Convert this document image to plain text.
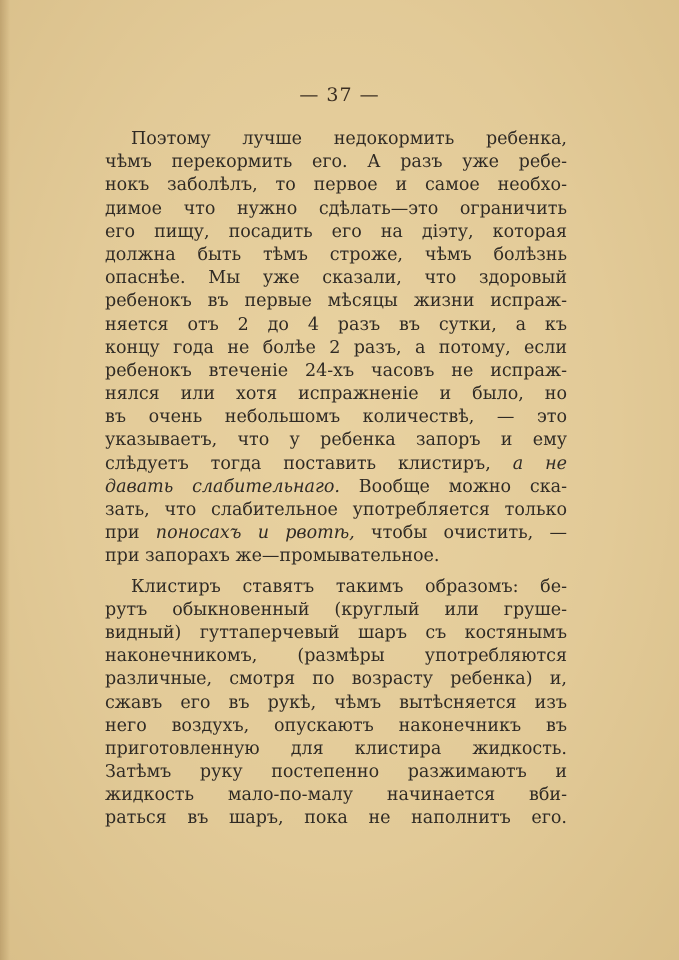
— 37 —
Поэтому лучше недокормить ребенка,
чѣмъ перекормить его. А разъ уже ребе-
нокъ заболѣлъ, то первое и самое необхо-
димое что нужно сдѣлать—это ограничить
его пищу, посадить его на діэту, которая
должна быть тѣмъ строже, чѣмъ болѣзнь
опаснѣе. Мы уже сказали, что здоровый
ребенокъ въ первые мѣсяцы жизни испраж-
няется отъ 2 до 4 разъ въ сутки, а къ
концу года не болѣе 2 разъ, а потому, если
ребенокъ втеченіе 24-хъ часовъ не испраж-
нялся или хотя испражненіе и было, но
въ очень небольшомъ количествѣ, — это
указываетъ, что у ребенка запоръ и ему
слѣдуетъ тогда поставить клистиръ, а не
давать слабительнаго. Вообще можно ска-
зать, что слабительное употребляется только
при поносахъ и рвотѣ, чтобы очистить, —
при запорахъ же—промывательное.
Клистиръ ставятъ такимъ образомъ: бе-
рутъ обыкновенный (круглый или груше-
видный) гуттаперчевый шаръ съ костянымъ
наконечникомъ, (размѣры употребляются
различные, смотря по возрасту ребенка) и,
сжавъ его въ рукѣ, чѣмъ вытѣсняется изъ
него воздухъ, опускаютъ наконечникъ въ
приготовленную для клистира жидкость.
Затѣмъ руку постепенно разжимаютъ и
жидкость мало-по-малу начинается вби-
раться въ шаръ, пока не наполнитъ его.
